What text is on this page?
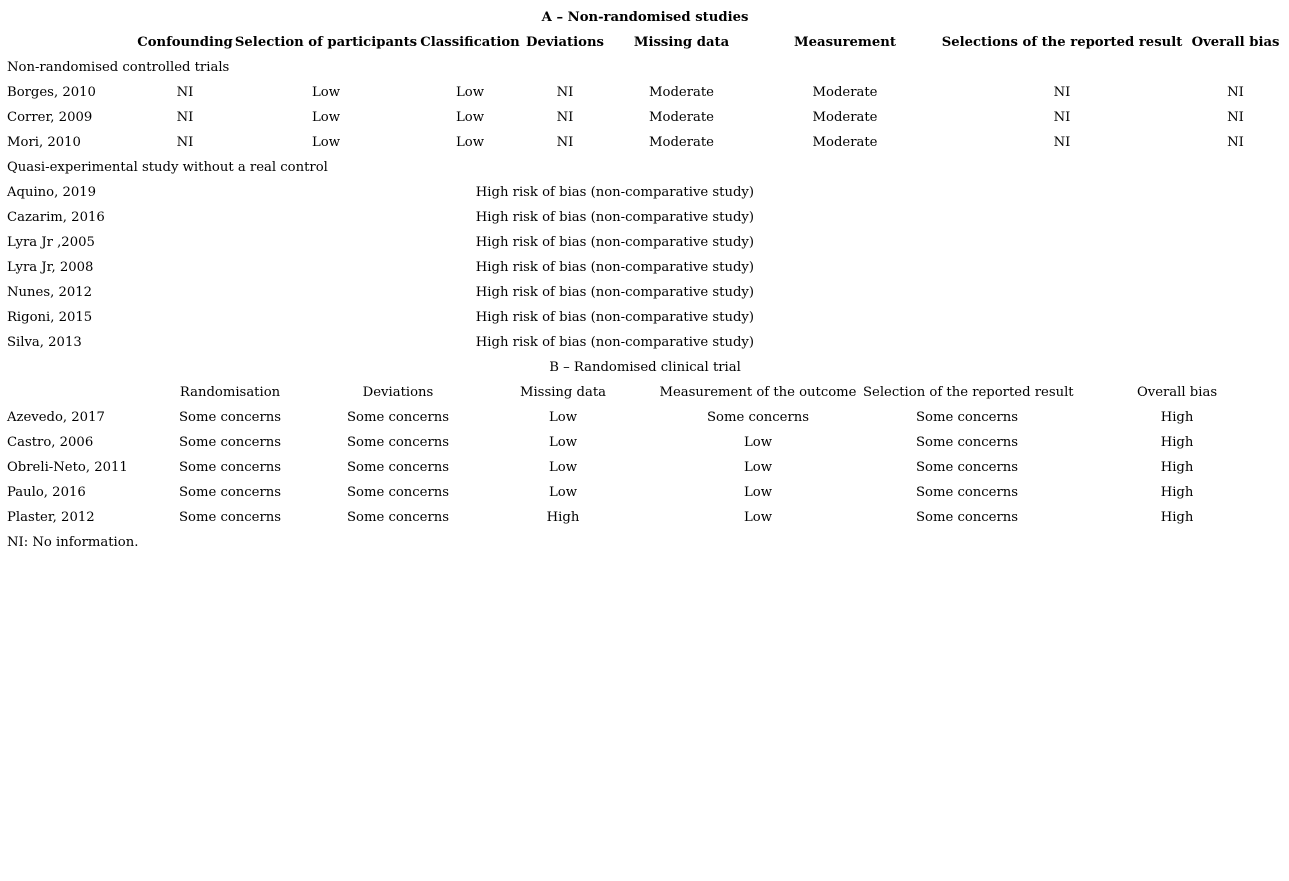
A – Non-randomised studies								
	Confounding	Selection of participants	Classification	Deviations	Missing data	Measurement	Selections of the reported result	Overall bias
Non-randomised controlled trials								
Borges, 2010	NI	Low	Low	NI	Moderate	Moderate	NI	NI
Correr, 2009	NI	Low	Low	NI	Moderate	Moderate	NI	NI
Mori, 2010	NI	Low	Low	NI	Moderate	Moderate	NI	NI
Quasi-experimental study without a real control								
Aquino, 2019	High risk of bias (non-comparative study)							
Cazarim, 2016	High risk of bias (non-comparative study)							
Lyra Jr ,2005	High risk of bias (non-comparative study)							
Lyra Jr, 2008	High risk of bias (non-comparative study)							
Nunes, 2012	High risk of bias (non-comparative study)							
Rigoni, 2015	High risk of bias (non-comparative study)							
Silva, 2013	High risk of bias (non-comparative study)							
B – Randomised clinical trial						
	Randomisation	Deviations	Missing data	Measurement of the outcome	Selection of the reported result	Overall bias
Azevedo, 2017	Some concerns	Some concerns	Low	Some concerns	Some concerns	High
Castro, 2006	Some concerns	Some concerns	Low	Low	Some concerns	High
Obreli-Neto, 2011	Some concerns	Some concerns	Low	Low	Some concerns	High
Paulo, 2016	Some concerns	Some concerns	Low	Low	Some concerns	High
Plaster, 2012	Some concerns	Some concerns	High	Low	Some concerns	High
NI: No information.						
